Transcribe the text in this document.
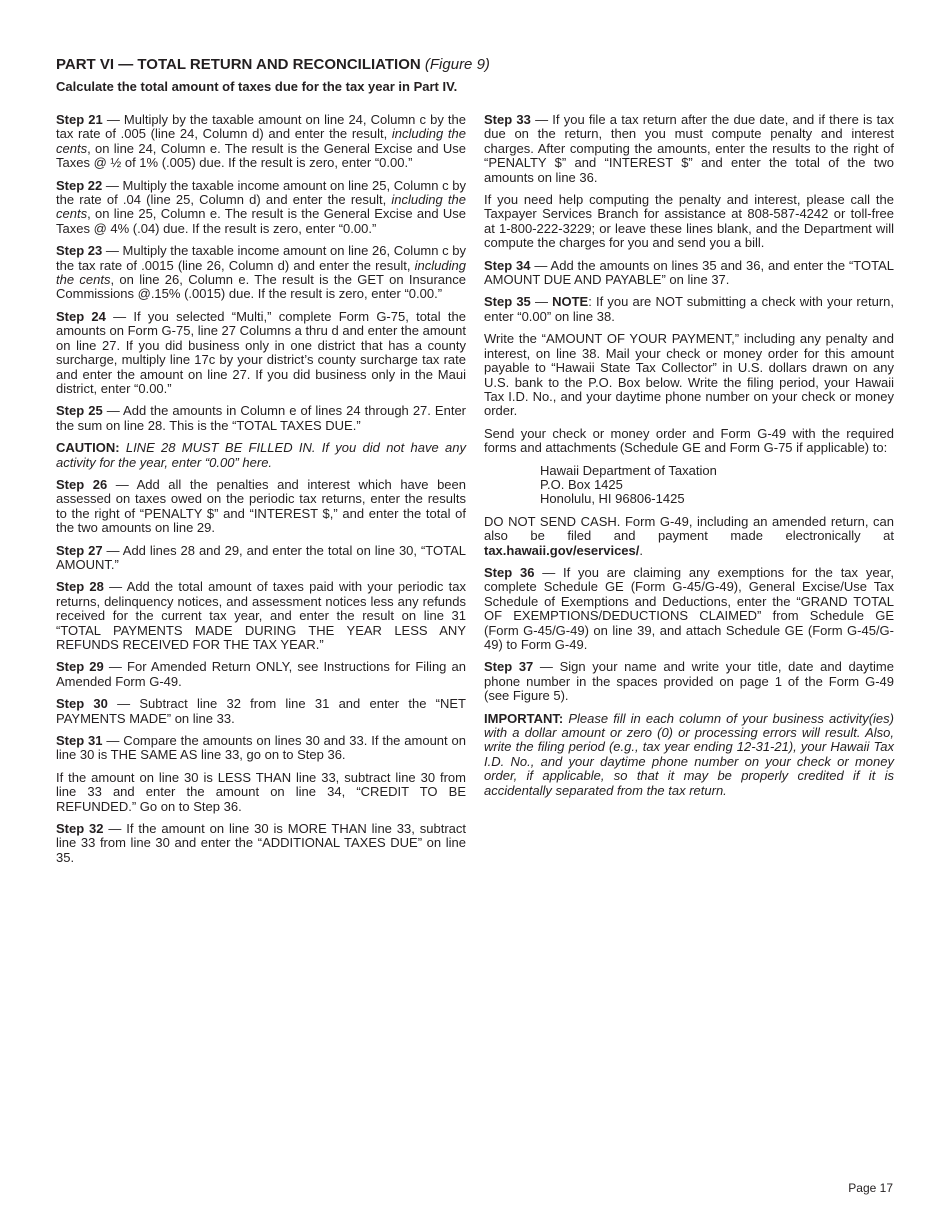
PART VI — TOTAL RETURN AND RECONCILIATION (Figure 9)
Calculate the total amount of taxes due for the tax year in Part IV.

Step 21 — Multiply by the taxable amount on line 24, Column c by the tax rate of .005 (line 24, Column d) and enter the result, including the cents, on line 24, Column e. The result is the General Excise and Use Taxes @ ½ of 1% (.005) due. If the result is zero, enter “0.00.”

Step 22 — Multiply the taxable income amount on line 25, Column c by the rate of .04 (line 25, Column d) and enter the result, including the cents, on line 25, Column e. The result is the General Excise and Use Taxes @ 4% (.04) due. If the result is zero, enter “0.00.”

Step 23 — Multiply the taxable income amount on line 26, Column c by the tax rate of .0015 (line 26, Column d) and enter the result, including the cents, on line 26, Column e. The result is the GET on Insurance Commissions @.15% (.0015) due. If the result is zero, enter “0.00.”

Step 24 — If you selected “Multi,” complete Form G-75, total the amounts on Form G-75, line 27 Columns a thru d and enter the amount on line 27. If you did business only in one district that has a county surcharge, multiply line 17c by your district’s county surcharge tax rate and enter the amount on line 27. If you did business only in the Maui district, enter “0.00.”

Step 25 — Add the amounts in Column e of lines 24 through 27. Enter the sum on line 28. This is the “TOTAL TAXES DUE.”

CAUTION: LINE 28 MUST BE FILLED IN. If you did not have any activity for the year, enter “0.00” here.

Step 26 — Add all the penalties and interest which have been assessed on taxes owed on the periodic tax returns, enter the results to the right of “PENALTY $” and “INTEREST $,” and enter the total of the two amounts on line 29.

Step 27 — Add lines 28 and 29, and enter the total on line 30, “TOTAL AMOUNT.”

Step 28 — Add the total amount of taxes paid with your periodic tax returns, delinquency notices, and assessment notices less any refunds received for the current tax year, and enter the result on line 31 “TOTAL PAYMENTS MADE DURING THE YEAR LESS ANY REFUNDS RECEIVED FOR THE TAX YEAR.”

Step 29 — For Amended Return ONLY, see Instructions for Filing an Amended Form G-49.

Step 30 — Subtract line 32 from line 31 and enter the “NET PAYMENTS MADE” on line 33.

Step 31 — Compare the amounts on lines 30 and 33. If the amount on line 30 is THE SAME AS line 33, go on to Step 36.

If the amount on line 30 is LESS THAN line 33, subtract line 30 from line 33 and enter the amount on line 34, “CREDIT TO BE REFUNDED.” Go on to Step 36.

Step 32 — If the amount on line 30 is MORE THAN line 33, subtract line 33 from line 30 and enter the “ADDITIONAL TAXES DUE” on line 35.

Step 33 — If you file a tax return after the due date, and if there is tax due on the return, then you must compute penalty and interest charges. After computing the amounts, enter the results to the right of “PENALTY $” and “INTEREST $” and enter the total of the two amounts on line 36.

If you need help computing the penalty and interest, please call the Taxpayer Services Branch for assistance at 808-587-4242 or toll-free at 1-800-222-3229; or leave these lines blank, and the Department will compute the charges for you and send you a bill.

Step 34 — Add the amounts on lines 35 and 36, and enter the “TOTAL AMOUNT DUE AND PAYABLE” on line 37.

Step 35 — NOTE: If you are NOT submitting a check with your return, enter “0.00” on line 38.

Write the “AMOUNT OF YOUR PAYMENT,” including any penalty and interest, on line 38. Mail your check or money order for this amount payable to “Hawaii State Tax Collector” in U.S. dollars drawn on any U.S. bank to the P.O. Box below. Write the filing period, your Hawaii Tax I.D. No., and your daytime phone number on your check or money order.

Send your check or money order and Form G-49 with the required forms and attachments (Schedule GE and Form G-75 if applicable) to:

Hawaii Department of Taxation
P.O. Box 1425
Honolulu, HI 96806-1425

DO NOT SEND CASH. Form G-49, including an amended return, can also be filed and payment made electronically at tax.hawaii.gov/eservices/.

Step 36 — If you are claiming any exemptions for the tax year, complete Schedule GE (Form G-45/G-49), General Excise/Use Tax Schedule of Exemptions and Deductions, enter the “GRAND TOTAL OF EXEMPTIONS/DEDUCTIONS CLAIMED” from Schedule GE (Form G-45/G-49) on line 39, and attach Schedule GE (Form G-45/G-49) to Form G-49.

Step 37 — Sign your name and write your title, date and daytime phone number in the spaces provided on page 1 of the Form G-49 (see Figure 5).

IMPORTANT: Please fill in each column of your business activity(ies) with a dollar amount or zero (0) or processing errors will result. Also, write the filing period (e.g., tax year ending 12-31-21), your Hawaii Tax I.D. No., and your daytime phone number on your check or money order, if applicable, so that it may be properly credited if it is accidentally separated from the tax return.

Page 17
